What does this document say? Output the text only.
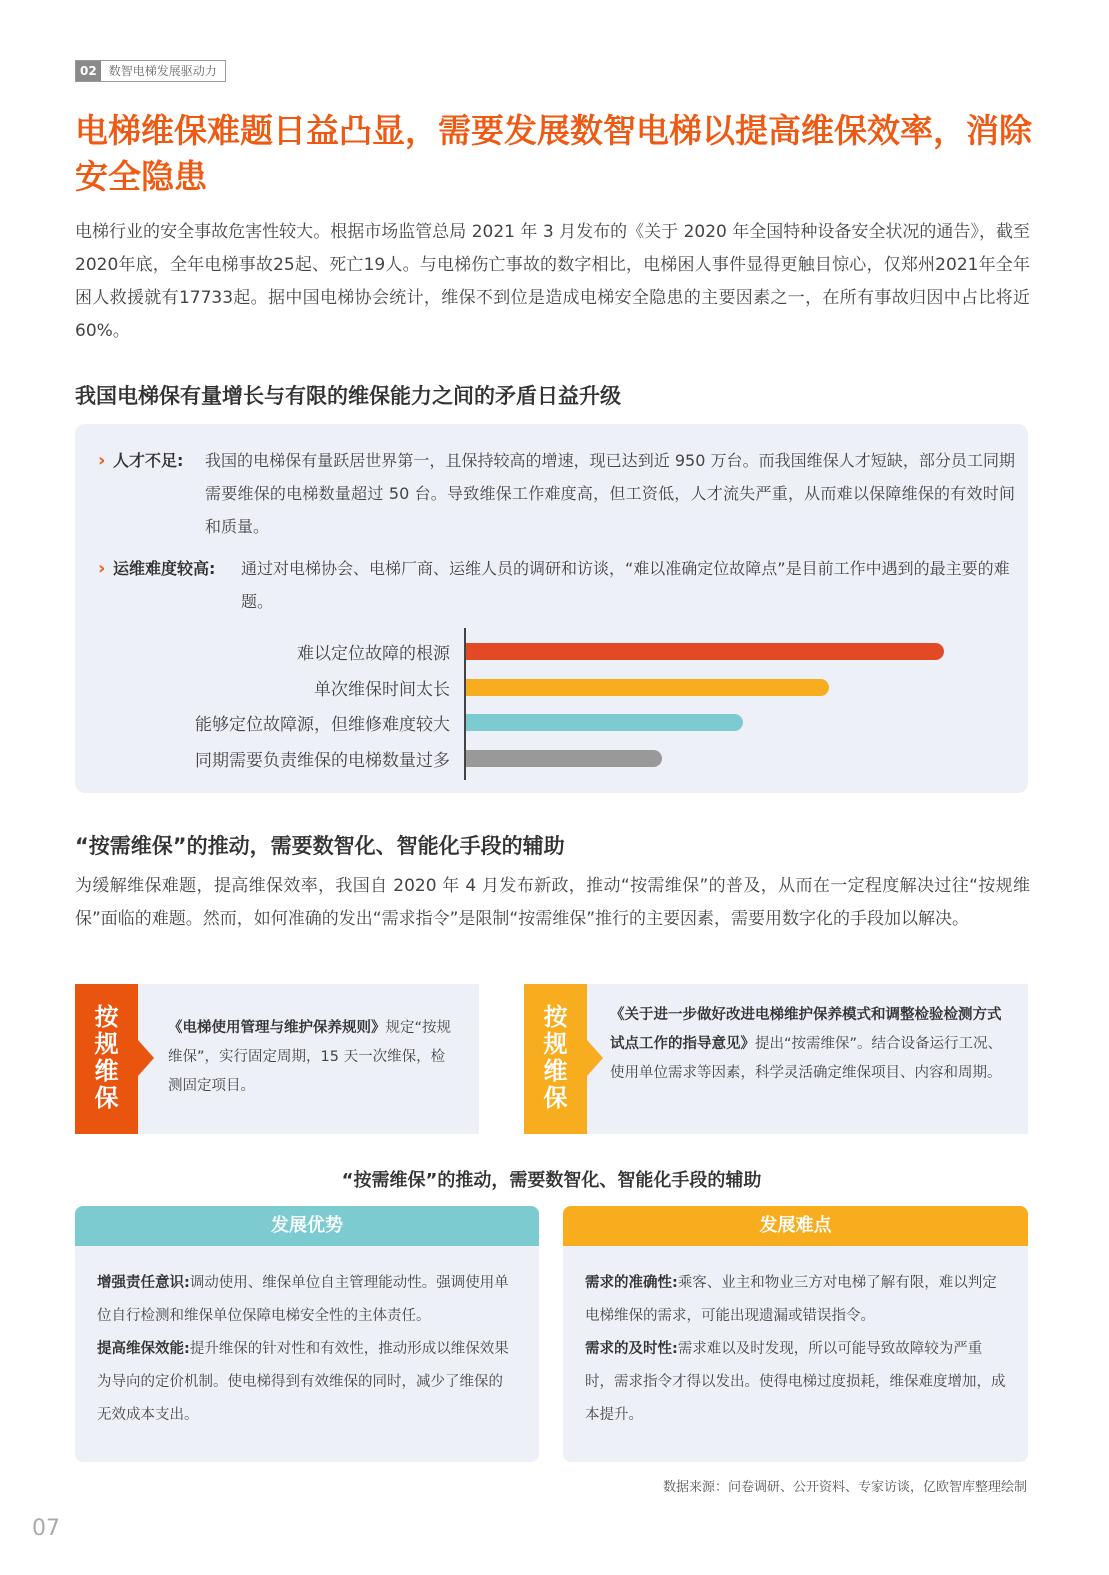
02	数智电梯发展驱动力
电梯维保难题日益凸显，需要发展数智电梯以提高维保效率，消除安全隐患

电梯行业的安全事故危害性较大。根据市场监管总局 2021 年 3 月发布的《关于 2020 年全国特种设备安全状况的通告》，截至2020年底，全年电梯事故25起、死亡19人。与电梯伤亡事故的数字相比，电梯困人事件显得更触目惊心，仅郑州2021年全年困人救援就有17733起。据中国电梯协会统计，维保不到位是造成电梯安全隐患的主要因素之一，在所有事故归因中占比将近 60%。

我国电梯保有量增长与有限的维保能力之间的矛盾日益升级
› 人才不足:	我国的电梯保有量跃居世界第一，且保持较高的增速，现已达到近 950 万台。而我国维保人才短缺，部分员工同期需要维保的电梯数量超过 50 台。导致维保工作难度高，但工资低，人才流失严重，从而难以保障维保的有效时间和质量。
› 运维难度较高:	通过对电梯协会、电梯厂商、运维人员的调研和访谈，“难以准确定位故障点”是目前工作中遇到的最主要的难题。
难以定位故障的根源
单次维保时间太长
能够定位故障源，但维修难度较大
同期需要负责维保的电梯数量过多
“按需维保”的推动，需要数智化、智能化手段的辅助

为缓解维保难题，提高维保效率，我国自 2020 年 4 月发布新政，推动“按需维保”的普及，从而在一定程度解决过往“按规维保”面临的难题。然而，如何准确的发出“需求指令”是限制“按需维保”推行的主要因素，需要用数字化的手段加以解决。

按
规
维
保
《电梯使用管理与维护保养规则》规定“按规维保”，实行固定周期，15 天一次维保，检测固定项目。
按
规
维
保
《关于进一步做好改进电梯维护保养模式和调整检验检测方式试点工作的指导意见》提出“按需维保”。结合设备运行工况、使用单位需求等因素，科学灵活确定维保项目、内容和周期。
“按需维保”的推动，需要数智化、智能化手段的辅助
发展优势
增强责任意识:调动使用、维保单位自主管理能动性。强调使用单位自行检测和维保单位保障电梯安全性的主体责任。
提高维保效能:提升维保的针对性和有效性，推动形成以维保效果为导向的定价机制。使电梯得到有效维保的同时，减少了维保的无效成本支出。
发展难点
需求的准确性:乘客、业主和物业三方对电梯了解有限，难以判定电梯维保的需求，可能出现遗漏或错误指令。
需求的及时性:需求难以及时发现，所以可能导致故障较为严重时，需求指令才得以发出。使得电梯过度损耗，维保难度增加，成本提升。
数据来源：问卷调研、公开资料、专家访谈，亿欧智库整理绘制
07
